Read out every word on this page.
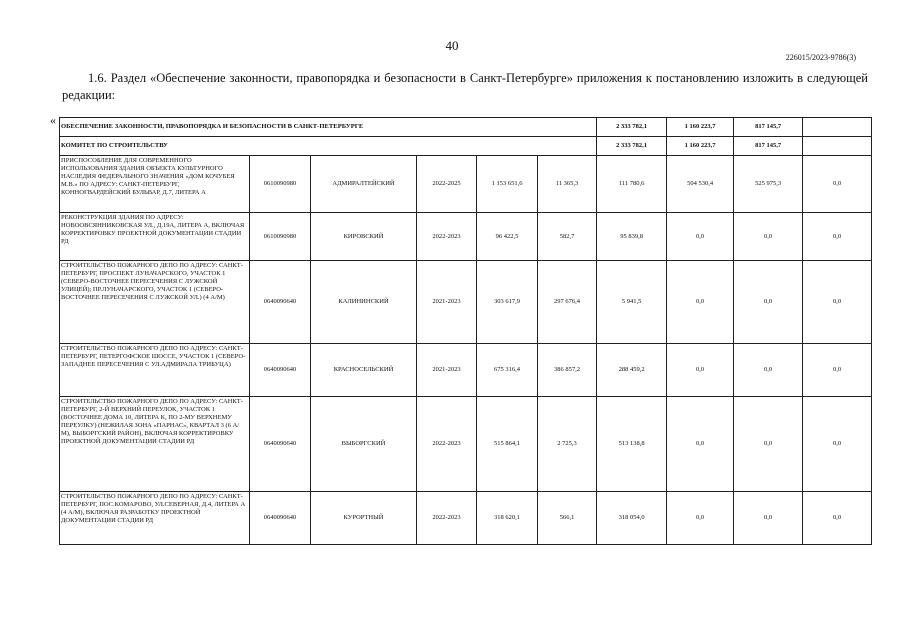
40
226015/2023-9786(3)
1.6. Раздел «Обеспечение законности, правопорядка и безопасности в Санкт-Петербурге» приложения к постановлению изложить в следующей редакции:
« ОБЕСПЕЧЕНИЕ ЗАКОННОСТИ, ПРАВОПОРЯДКА И БЕЗОПАСНОСТИ В САНКТ-ПЕТЕРБУРГЕ						2 333 782,1	1 160 223,7	817 145,7	
КОМИТЕТ ПО СТРОИТЕЛЬСТВУ						2 333 782,1	1 160 223,7	817 145,7	
ПРИСПОСОБЛЕНИЕ ДЛЯ СОВРЕМЕННОГО ИСПОЛЬЗОВАНИЯ ЗДАНИЯ ОБЪЕКТА КУЛЬТУРНОГО НАСЛЕДИЯ ФЕДЕРАЛЬНОГО ЗНАЧЕНИЯ «ДОМ КОЧУБЕЯ М.В.» ПО АДРЕСУ: САНКТ-ПЕТЕРБУРГ, КОННОГВАРДЕЙСКИЙ БУЛЬВАР, Д.7, ЛИТЕРА А	0610090980	АДМИРАЛТЕЙСКИЙ	2022-2025	1 153 651,6	11 365,3	111 780,6	504 530,4	525 975,3	0,0
РЕКОНСТРУКЦИЯ ЗДАНИЯ ПО АДРЕСУ: НОВООВСЯННИКОВСКАЯ УЛ., Д.19А, ЛИТЕРА А, ВКЛЮЧАЯ КОРРЕКТИРОВКУ ПРОЕКТНОЙ ДОКУМЕНТАЦИИ СТАДИИ РД	0610090980	КИРОВСКИЙ	2022-2023	96 422,5	582,7	95 839,8	0,0	0,0	0,0
СТРОИТЕЛЬСТВО ПОЖАРНОГО ДЕПО ПО АДРЕСУ: САНКТ-ПЕТЕРБУРГ, ПРОСПЕКТ ЛУНАЧАРСКОГО, УЧАСТОК 1 (СЕВЕРО-ВОСТОЧНЕЕ ПЕРЕСЕЧЕНИЯ С ЛУЖСКОЙ УЛИЦЕЙ); ПР.ЛУНАЧАРСКОГО, УЧАСТОК 1 (СЕВЕРО-ВОСТОЧНЕЕ ПЕРЕСЕЧЕНИЯ С ЛУЖСКОЙ УЛ.) (4 А/М)	0640090640	КАЛИНИНСКИЙ	2021-2023	303 617,9	297 676,4	5 941,5	0,0	0,0	0,0
СТРОИТЕЛЬСТВО ПОЖАРНОГО ДЕПО ПО АДРЕСУ: САНКТ-ПЕТЕРБУРГ, ПЕТЕРГОФСКОЕ ШОССЕ, УЧАСТОК 1 (СЕВЕРО-ЗАПАДНЕЕ ПЕРЕСЕЧЕНИЯ С УЛ.АДМИРАЛА ТРИБУЦА)	0640090640	КРАСНОСЕЛЬСКИЙ	2021-2023	675 316,4	386 857,2	288 459,2	0,0	0,0	0,0
СТРОИТЕЛЬСТВО ПОЖАРНОГО ДЕПО ПО АДРЕСУ: САНКТ-ПЕТЕРБУРГ, 2-Й ВЕРХНИЙ ПЕРЕУЛОК, УЧАСТОК 1 (ВОСТОЧНЕЕ ДОМА 10, ЛИТЕРА К, ПО 2-МУ ВЕРХНЕМУ ПЕРЕУЛКУ) (НЕЖИЛАЯ ЗОНА «ПАРНАС», КВАРТАЛ 3 (6 А/М), ВЫБОРГСКИЙ РАЙОН), ВКЛЮЧАЯ КОРРЕКТИРОВКУ ПРОЕКТНОЙ ДОКУМЕНТАЦИИ СТАДИИ РД	0640090640	ВЫБОРГСКИЙ	2022-2023	515 864,1	2 725,3	513 138,8	0,0	0,0	0,0
СТРОИТЕЛЬСТВО ПОЖАРНОГО ДЕПО ПО АДРЕСУ: САНКТ-ПЕТЕРБУРГ, ПОС.КОМАРОВО, УЛ.СЕВЕРНАЯ, Д.4, ЛИТЕРА А (4 А/М), ВКЛЮЧАЯ РАЗРАБОТКУ ПРОЕКТНОЙ ДОКУМЕНТАЦИИ СТАДИИ РД	0640090640	КУРОРТНЫЙ	2022-2023	318 620,1	566,1	318 054,0	0,0	0,0	0,0
